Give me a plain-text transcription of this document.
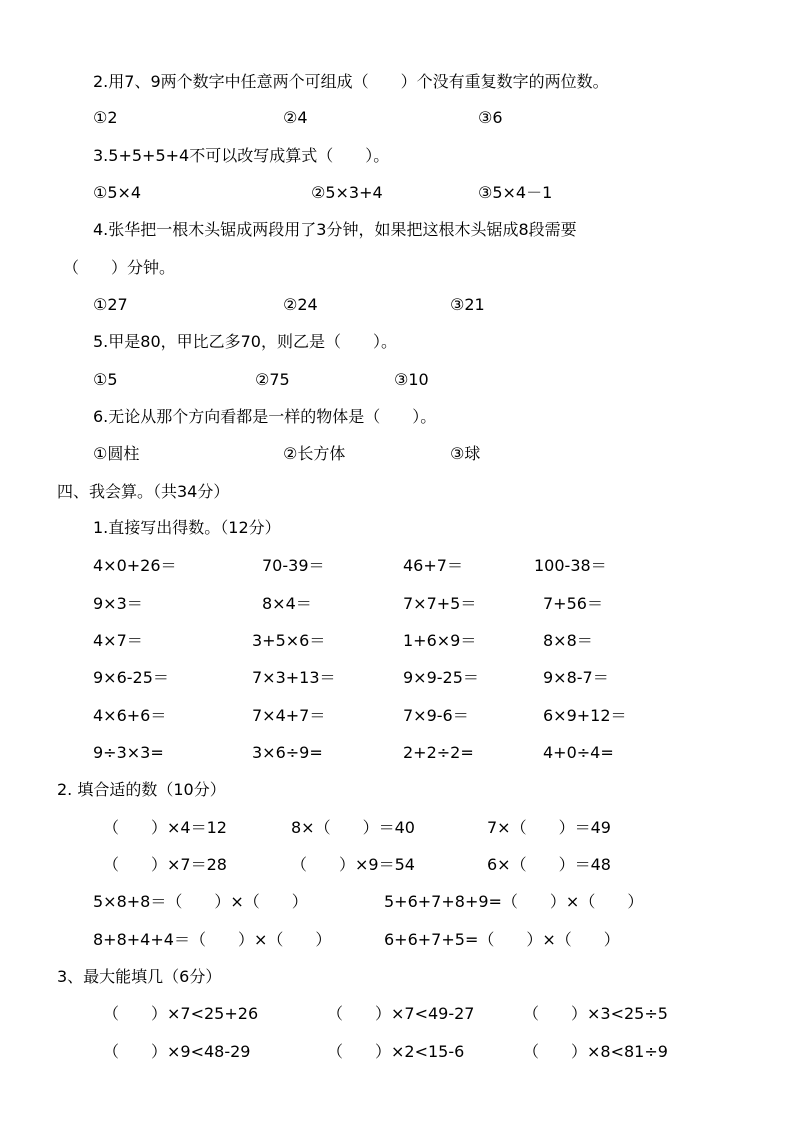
2.用7、9两个数字中任意两个可组成（　　）个没有重复数字的两位数。
①2	②4	③6
3.5+5+5+4不可以改写成算式（　　）。
①5×4	②5×3+4	③5×4－1
4.张华把一根木头锯成两段用了3分钟，如果把这根木头锯成8段需要
（　　）分钟。
①27	②24	③21
5.甲是80，甲比乙多70，则乙是（　　）。
①5	②75	③10
6.无论从那个方向看都是一样的物体是（　　）。
①圆柱	②长方体	③球
四、我会算。（共34分）
1.直接写出得数。（12分）
4×0+26＝	70-39＝	46+7＝	100-38＝
9×3＝	8×4＝	7×7+5＝	7+56＝
4×7＝	3+5×6＝	1+6×9＝	8×8＝
9×6-25＝	7×3+13＝	9×9-25＝	9×8-7＝
4×6+6＝	7×4+7＝	7×9-6＝	6×9+12＝
9÷3×3=	3×6÷9=	2+2÷2=	4+0÷4=
2. 填合适的数（10分）
（　　）×4＝12	8×（　　）＝40	7×（　　）＝49
（　　）×7＝28	（　　）×9＝54	6×（　　）＝48
5×8+8＝（　　）×（　　）	5+6+7+8+9=（　　）×（　　）
8+8+4+4＝（　　）×（　　）	6+6+7+5=（　　）×（　　）
3、最大能填几（6分）
（　　）×7<25+26	（　　）×7<49-27	（　　）×3<25÷5
（　　）×9<48-29	（　　）×2<15-6	（　　）×8<81÷9
